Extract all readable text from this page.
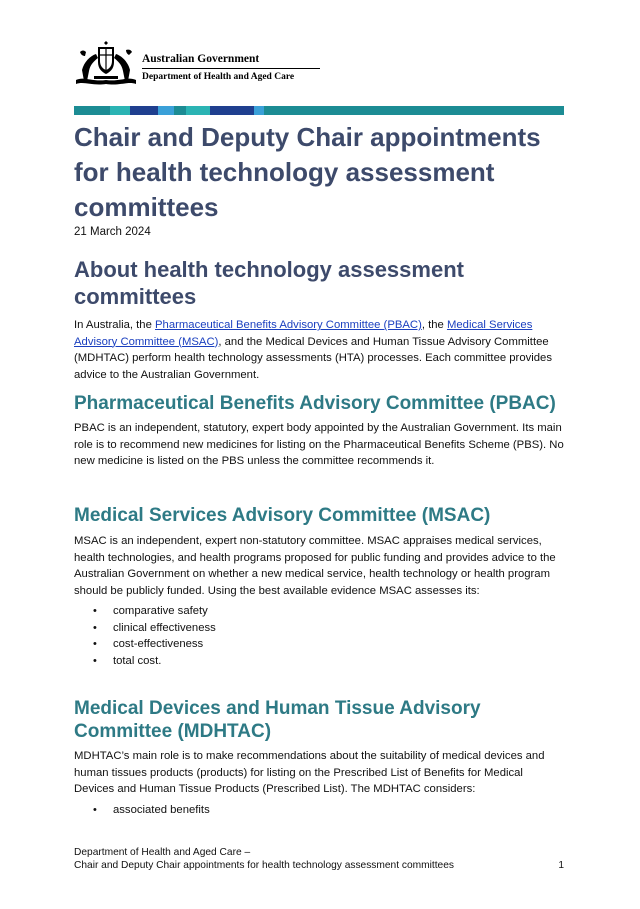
Australian Government
Department of Health and Aged Care
Chair and Deputy Chair appointments for health technology assessment committees
21 March 2024
About health technology assessment committees

In Australia, the Pharmaceutical Benefits Advisory Committee (PBAC), the Medical Services Advisory Committee (MSAC), and the Medical Devices and Human Tissue Advisory Committee (MDHTAC) perform health technology assessments (HTA) processes. Each committee provides advice to the Australian Government.

Pharmaceutical Benefits Advisory Committee (PBAC)

PBAC is an independent, statutory, expert body appointed by the Australian Government. Its main role is to recommend new medicines for listing on the Pharmaceutical Benefits Scheme (PBS). No new medicine is listed on the PBS unless the committee recommends it.

Medical Services Advisory Committee (MSAC)

MSAC is an independent, expert non-statutory committee. MSAC appraises medical services, health technologies, and health programs proposed for public funding and provides advice to the Australian Government on whether a new medical service, health technology or health program should be publicly funded. Using the best available evidence MSAC assesses its:

• comparative safety
• clinical effectiveness
• cost-effectiveness
• total cost.
Medical Devices and Human Tissue Advisory Committee (MDHTAC)

MDHTAC’s main role is to make recommendations about the suitability of medical devices and human tissues products (products) for listing on the Prescribed List of Benefits for Medical Devices and Human Tissue Products (Prescribed List). The MDHTAC considers:

• associated benefits
Department of Health and Aged Care –
Chair and Deputy Chair appointments for health technology assessment committees	1
